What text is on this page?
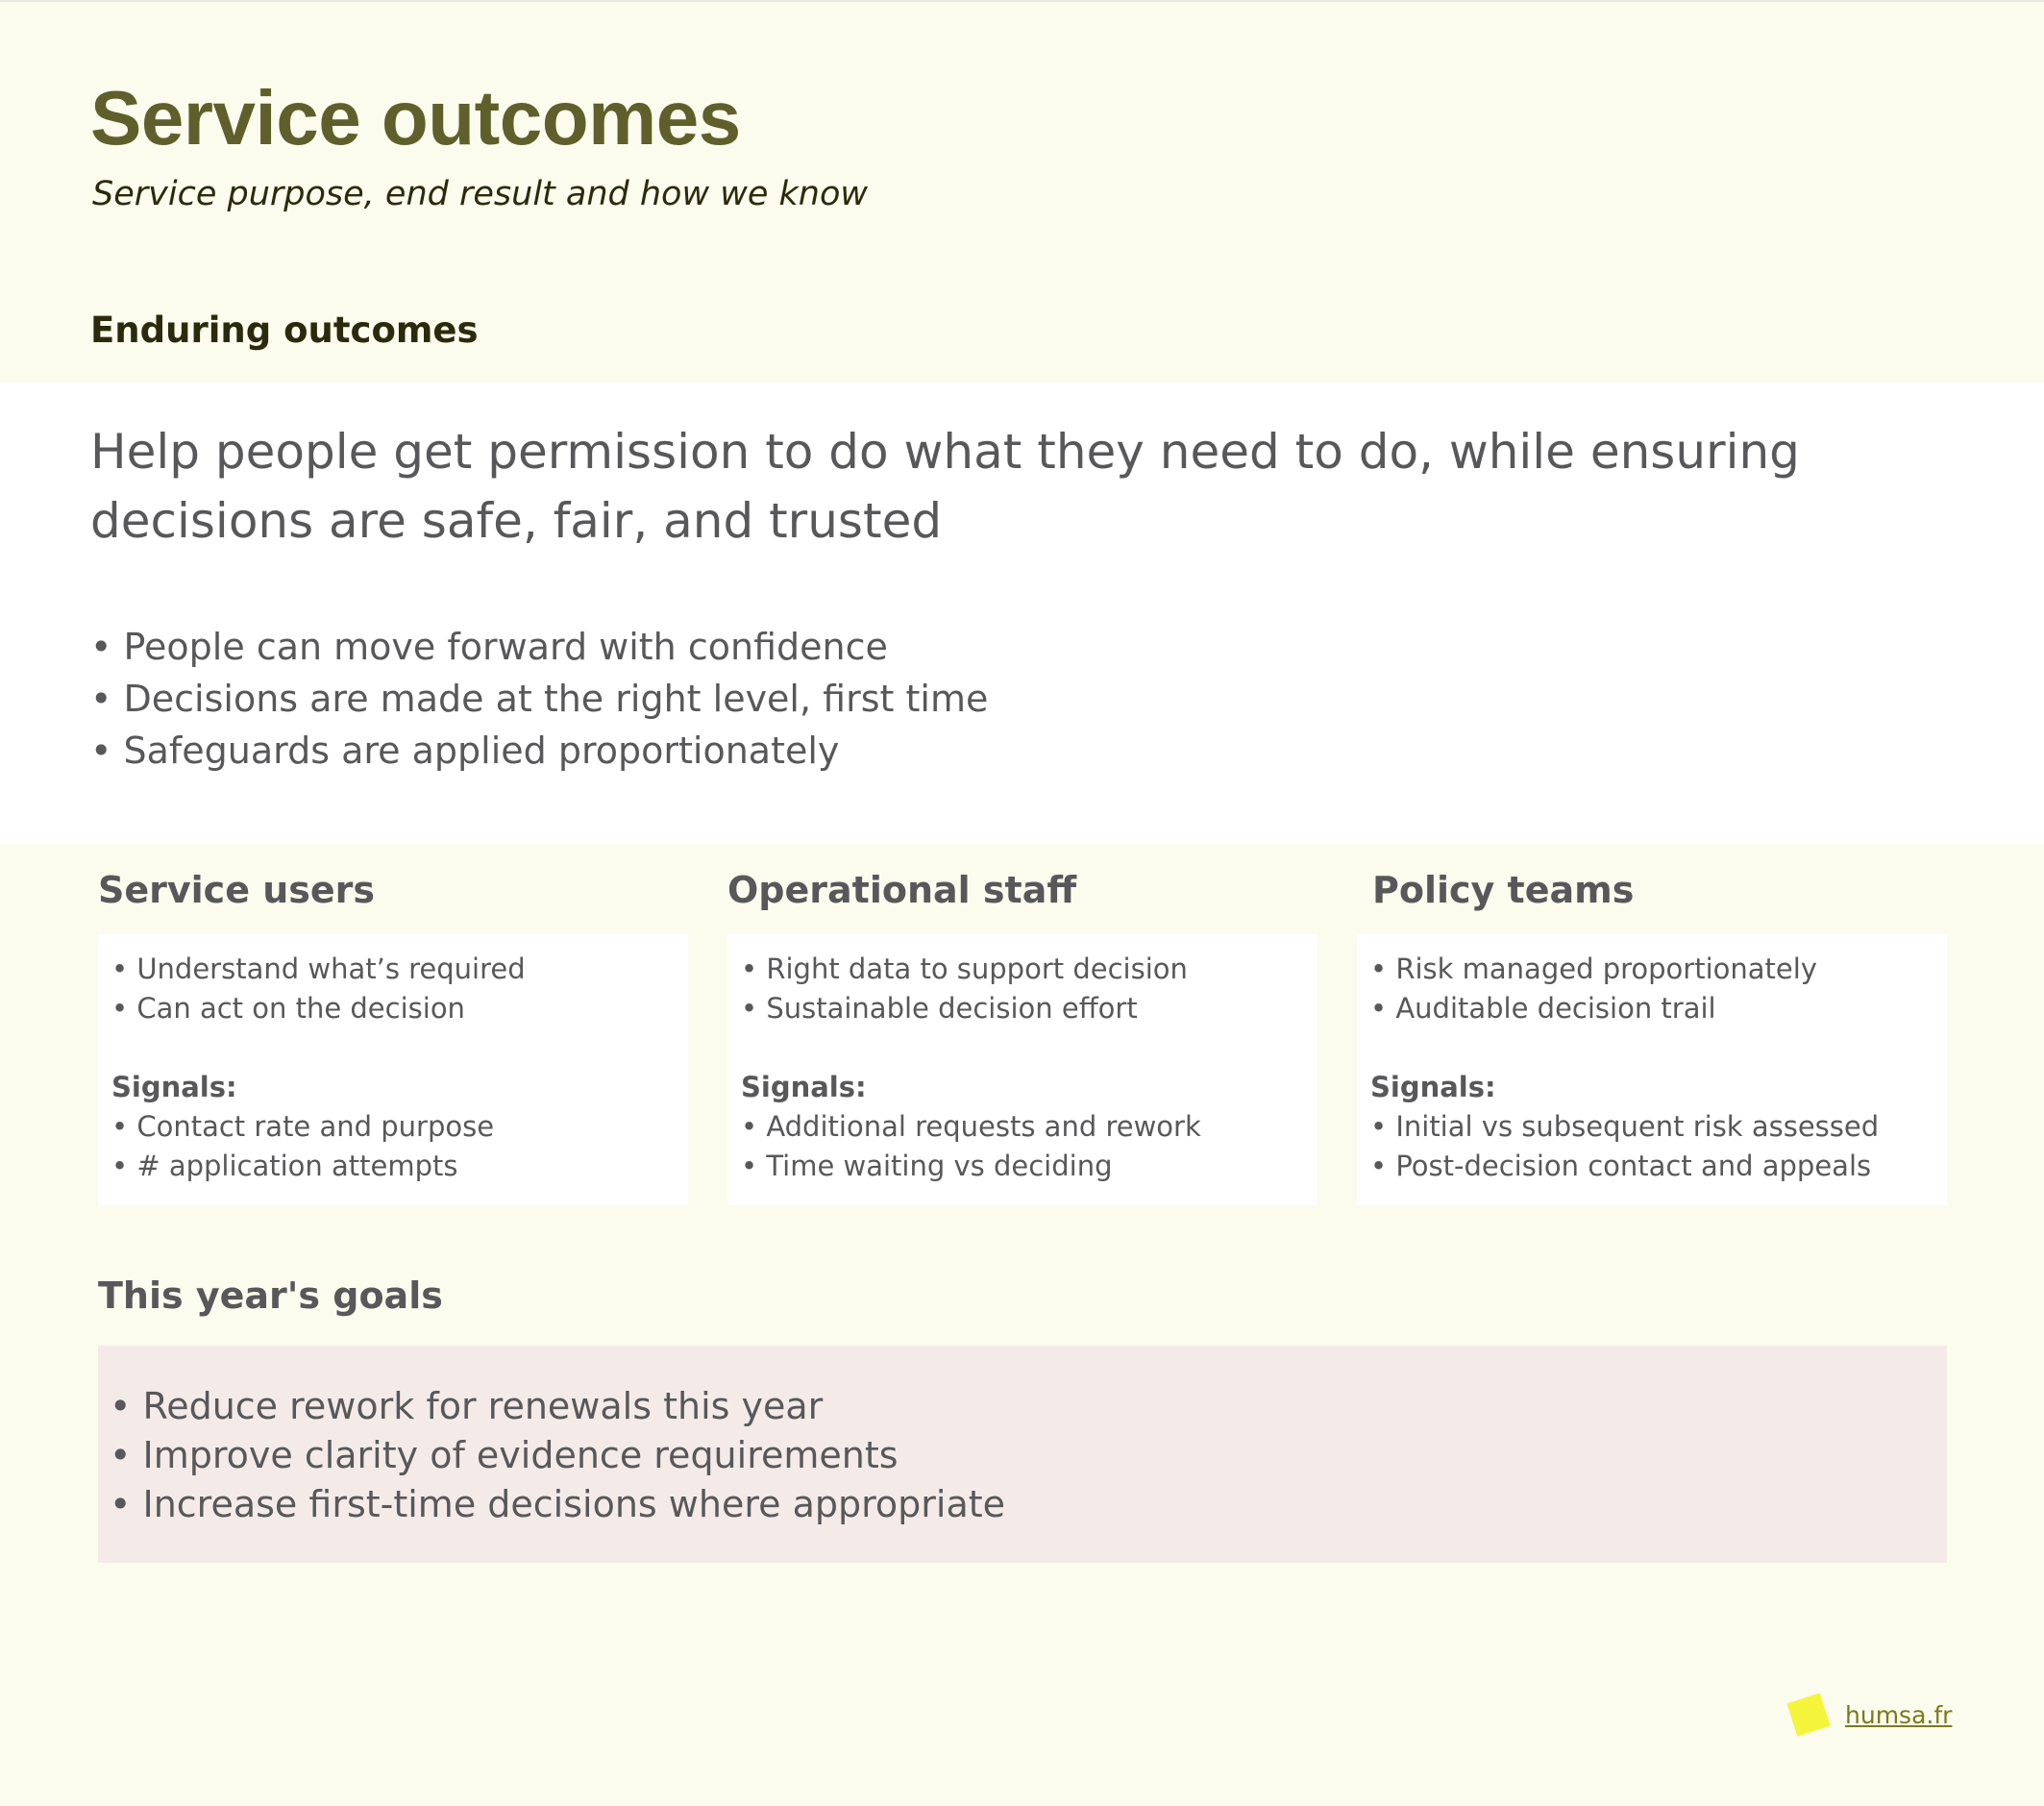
Service outcomes

Service purpose, end result and how we know

Enduring outcomes

Help people get permission to do what they need to do, while ensuring decisions are safe, fair, and trusted

• People can move forward with confidence
• Decisions are made at the right level, first time
• Safeguards are applied proportionately
Service users
• Understand what’s required
• Can act on the decision
Signals:
• Contact rate and purpose
• # application attempts
Operational staff
• Right data to support decision
• Sustainable decision effort
Signals:
• Additional requests and rework
• Time waiting vs deciding
Policy teams
• Risk managed proportionately
• Auditable decision trail
Signals:
• Initial vs subsequent risk assessed
• Post-decision contact and appeals
This year's goals
• Reduce rework for renewals this year
• Improve clarity of evidence requirements
• Increase first-time decisions where appropriate
humsa.fr
